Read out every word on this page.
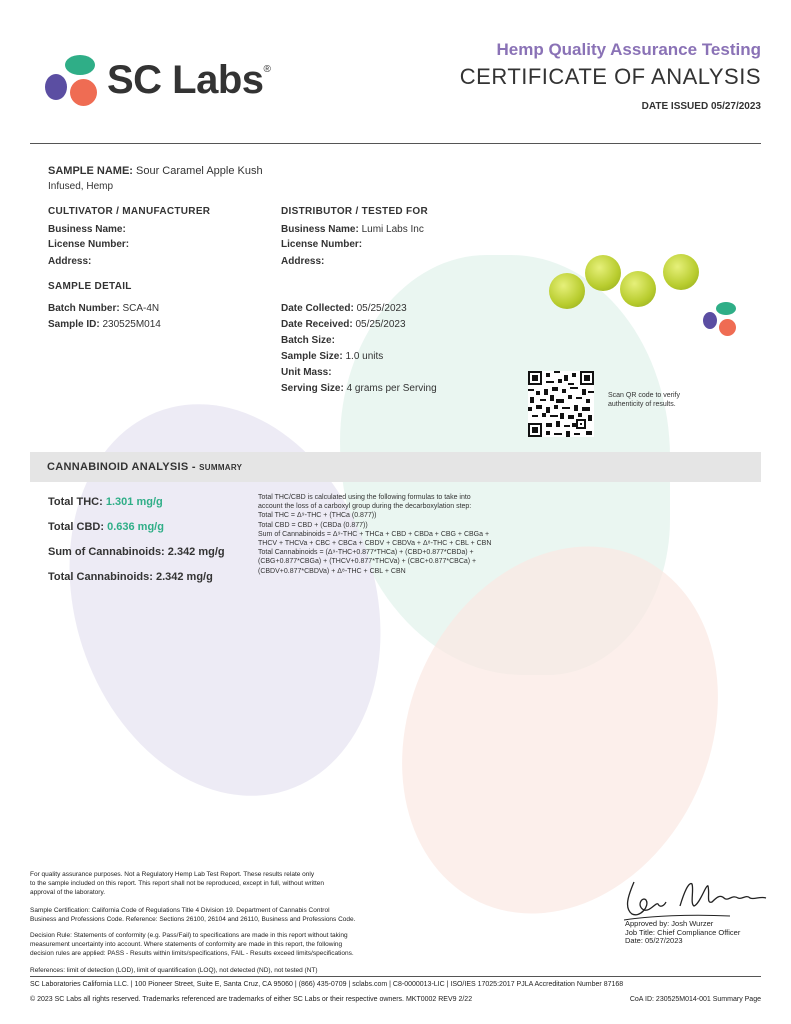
SC Labs®
Hemp Quality Assurance Testing
CERTIFICATE OF ANALYSIS
DATE ISSUED 05/27/2023
SAMPLE NAME: Sour Caramel Apple Kush
Infused, Hemp
CULTIVATOR / MANUFACTURER
Business Name:
License Number:
Address:
DISTRIBUTOR / TESTED FOR
Business Name: Lumi Labs Inc
License Number:
Address:
SAMPLE DETAIL
Batch Number: SCA-4N
Sample ID: 230525M014
Date Collected: 05/25/2023
Date Received: 05/25/2023
Batch Size:
Sample Size: 1.0 units
Unit Mass:
Serving Size: 4 grams per Serving
Scan QR code to verify authenticity of results.
CANNABINOID ANALYSIS - SUMMARY
Total THC: 1.301 mg/g
Total CBD: 0.636 mg/g
Sum of Cannabinoids: 2.342 mg/g
Total Cannabinoids: 2.342 mg/g
Total THC/CBD is calculated using the following formulas to take into
account the loss of a carboxyl group during the decarboxylation step:
Total THC = Δ⁹-THC + (THCa (0.877))
Total CBD = CBD + (CBDa (0.877))
Sum of Cannabinoids = Δ⁹-THC + THCa + CBD + CBDa + CBG + CBGa +
THCV + THCVa + CBC + CBCa + CBDV + CBDVa + Δ⁸-THC + CBL + CBN
Total Cannabinoids = (Δ⁹-THC+0.877*THCa) + (CBD+0.877*CBDa) +
(CBG+0.877*CBGa) + (THCV+0.877*THCVa) + (CBC+0.877*CBCa) +
(CBDV+0.877*CBDVa) + Δ⁸-THC + CBL + CBN
For quality assurance purposes. Not a Regulatory Hemp Lab Test Report. These results relate only
to the sample included on this report. This report shall not be reproduced, except in full, without written
approval of the laboratory.
Sample Certification: California Code of Regulations Title 4 Division 19. Department of Cannabis Control
Business and Professions Code. Reference: Sections 26100, 26104 and 26110, Business and Professions Code.
Decision Rule: Statements of conformity (e.g. Pass/Fail) to specifications are made in this report without taking
measurement uncertainty into account. Where statements of conformity are made in this report, the following
decision rules are applied: PASS - Results within limits/specifications, FAIL - Results exceed limits/specifications.
References: limit of detection (LOD), limit of quantification (LOQ), not detected (ND), not tested (NT)
Approved by: Josh Wurzer
Job Title: Chief Compliance Officer
Date: 05/27/2023
SC Laboratories California LLC. | 100 Pioneer Street, Suite E, Santa Cruz, CA 95060 | (866) 435-0709 | sclabs.com | C8-0000013-LIC | ISO/IES 17025:2017 PJLA Accreditation Number 87168
© 2023 SC Labs all rights reserved. Trademarks referenced are trademarks of either SC Labs or their respective owners. MKT0002 REV9 2/22	CoA ID: 230525M014-001 Summary Page
